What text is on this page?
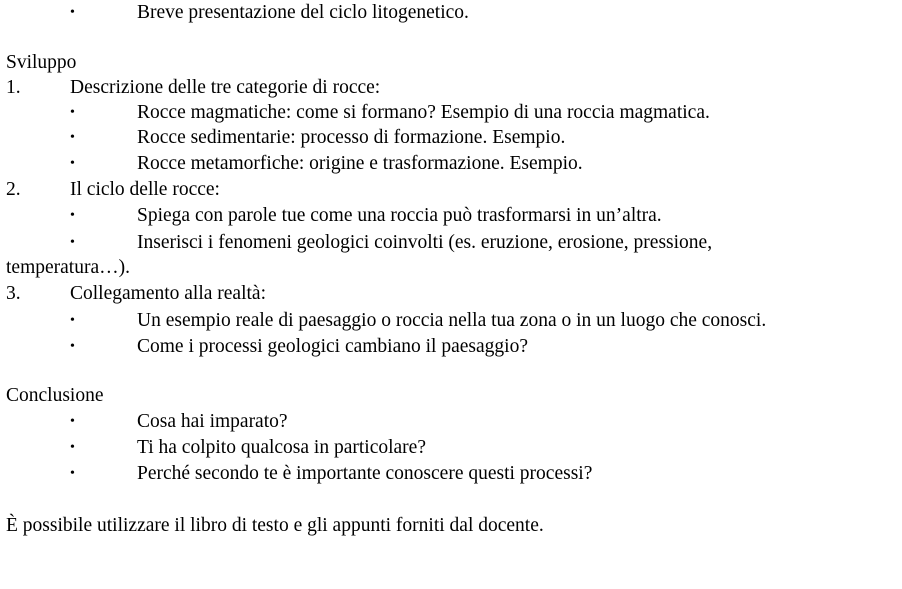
•	Breve presentazione del ciclo litogenetico.
Sviluppo
1.	Descrizione delle tre categorie di rocce:
•	Rocce magmatiche: come si formano? Esempio di una roccia magmatica.
•	Rocce sedimentarie: processo di formazione. Esempio.
•	Rocce metamorfiche: origine e trasformazione. Esempio.
2.	Il ciclo delle rocce:
•	Spiega con parole tue come una roccia può trasformarsi in un’altra.
•	Inserisci i fenomeni geologici coinvolti (es. eruzione, erosione, pressione,
temperatura…).
3.	Collegamento alla realtà:
•	Un esempio reale di paesaggio o roccia nella tua zona o in un luogo che conosci.
•	Come i processi geologici cambiano il paesaggio?
Conclusione
•	Cosa hai imparato?
•	Ti ha colpito qualcosa in particolare?
•	Perché secondo te è importante conoscere questi processi?
È possibile utilizzare il libro di testo e gli appunti forniti dal docente.
